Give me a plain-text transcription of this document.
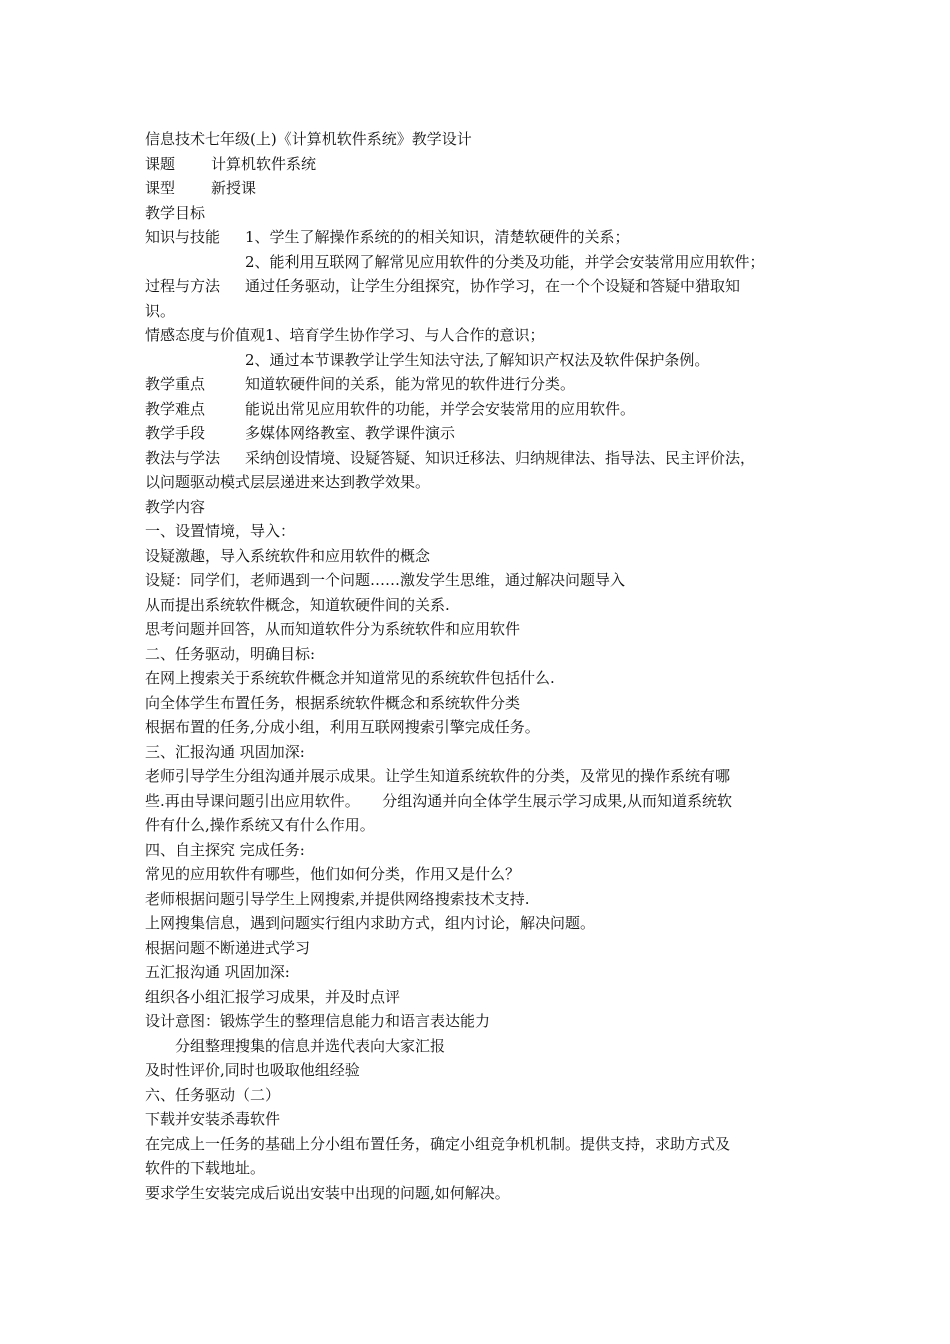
信息技术七年级(上)《计算机软件系统》教学设计
课题 计算机软件系统
课型 新授课
教学目标
知识与技能 1、学生了解操作系统的的相关知识，清楚软硬件的关系；
2、能利用互联网了解常见应用软件的分类及功能，并学会安装常用应用软件；
过程与方法 通过任务驱动，让学生分组探究，协作学习，在一个个设疑和答疑中猎取知
识。
情感态度与价值观1、培育学生协作学习、与人合作的意识；
2、通过本节课教学让学生知法守法,了解知识产权法及软件保护条例。
教学重点	知道软硬件间的关系，能为常见的软件进行分类。
教学难点	能说出常见应用软件的功能，并学会安装常用的应用软件。
教学手段	多媒体网络教室、教学课件演示
教法与学法 采纳创设情境、设疑答疑、知识迁移法、归纳规律法、指导法、民主评价法，
以问题驱动模式层层递进来达到教学效果。
教学内容
一、设置情境，导入：
设疑激趣，导入系统软件和应用软件的概念
设疑：同学们，老师遇到一个问题……激发学生思维，通过解决问题导入
从而提出系统软件概念，知道软硬件间的关系.
思考问题并回答，从而知道软件分为系统软件和应用软件
二、任务驱动，明确目标:
在网上搜索关于系统软件概念并知道常见的系统软件包括什么.
向全体学生布置任务，根据系统软件概念和系统软件分类
根据布置的任务,分成小组，利用互联网搜索引擎完成任务。
三、汇报沟通 巩固加深:
老师引导学生分组沟通并展示成果。让学生知道系统软件的分类，及常见的操作系统有哪
些.再由导课问题引出应用软件。　　分组沟通并向全体学生展示学习成果,从而知道系统软
件有什么,操作系统又有什么作用。
四、自主探究 完成任务:
常见的应用软件有哪些，他们如何分类，作用又是什么？
老师根据问题引导学生上网搜索,并提供网络搜索技术支持.
上网搜集信息，遇到问题实行组内求助方式，组内讨论，解决问题。
根据问题不断递进式学习
五汇报沟通 巩固加深:
组织各小组汇报学习成果，并及时点评
设计意图：锻炼学生的整理信息能力和语言表达能力
　　分组整理搜集的信息并选代表向大家汇报
及时性评价,同时也吸取他组经验
六、任务驱动（二）
下载并安装杀毒软件
在完成上一任务的基础上分小组布置任务，确定小组竞争机机制。提供支持，求助方式及
软件的下载地址。
要求学生安装完成后说出安装中出现的问题,如何解决。
